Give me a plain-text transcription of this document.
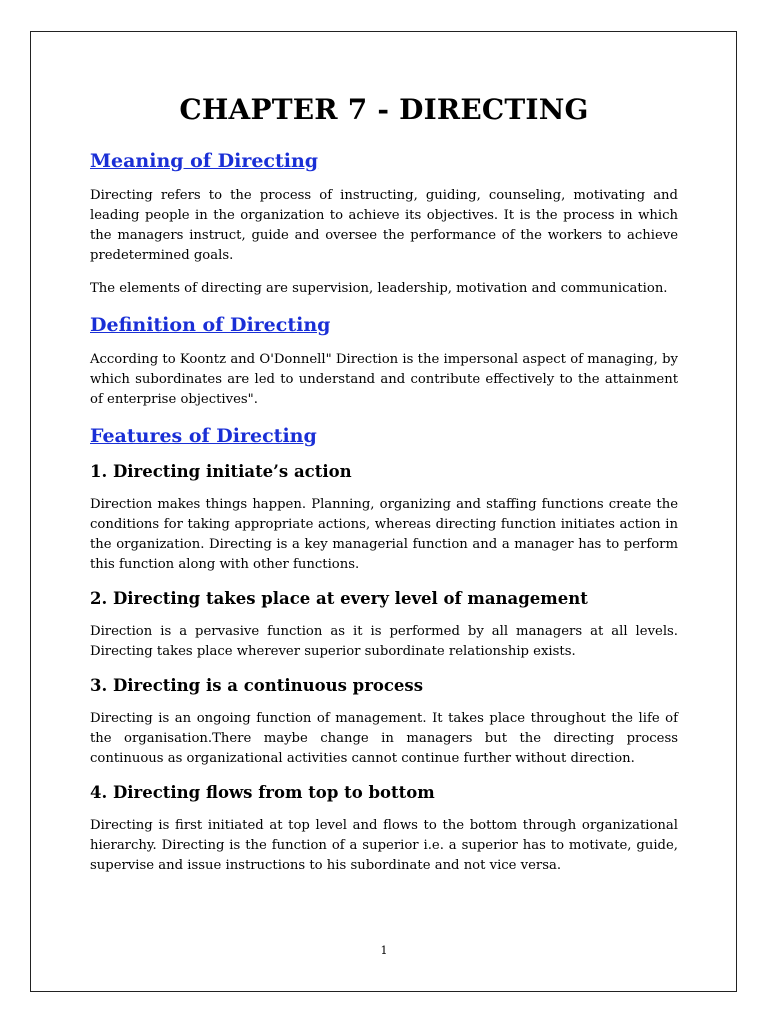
CHAPTER 7 - DIRECTING
Meaning of Directing

Directing refers to the process of instructing, guiding, counseling, motivating and leading people in the organization to achieve its objectives. It is the process in which the managers instruct, guide and oversee the performance of the workers to achieve predetermined goals.

The elements of directing are supervision, leadership, motivation and communication.

Definition of Directing

According to Koontz and O'Donnell" Direction is the impersonal aspect of managing, by which subordinates are led to understand and contribute effectively to the attainment of enterprise objectives".

Features of Directing
1. Directing initiate’s action

Direction makes things happen. Planning, organizing and staffing functions create the conditions for taking appropriate actions, whereas directing function initiates action in the organization. Directing is a key managerial function and a manager has to perform this function along with other functions.

2. Directing takes place at every level of management

Direction is a pervasive function as it is performed by all managers at all levels. Directing takes place wherever superior subordinate relationship exists.

3. Directing is a continuous process

Directing is an ongoing function of management. It takes place throughout the life of the organisation.There maybe change in managers but the directing process continuous as organizational activities cannot continue further without direction.

4. Directing flows from top to bottom

Directing is first initiated at top level and flows to the bottom through organizational hierarchy. Directing is the function of a superior i.e. a superior has to motivate, guide, supervise and issue instructions to his subordinate and not vice versa.

1
